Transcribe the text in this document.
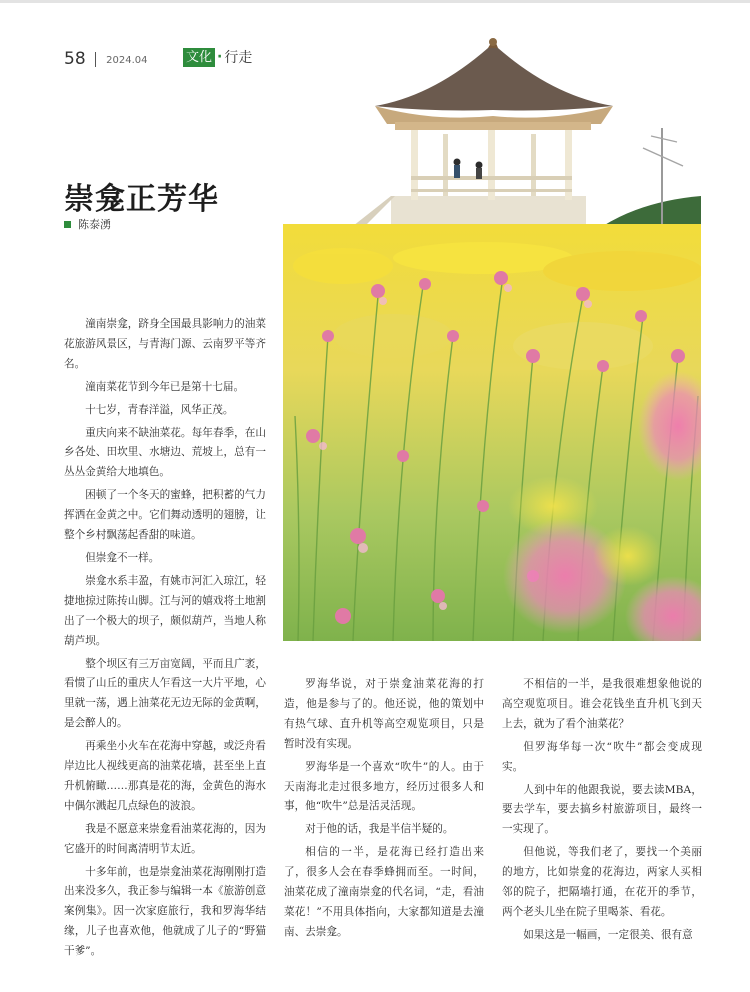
58 2024.04	文化 · 行走
崇龛正芳华
陈泰湧

潼南崇龛，跻身全国最具影响力的油菜花旅游风景区，与青海门源、云南罗平等齐名。

潼南菜花节到今年已是第十七届。

十七岁，青春洋溢，风华正茂。

重庆向来不缺油菜花。每年春季，在山乡各处、田坎里、水塘边、荒坡上，总有一丛丛金黄给大地填色。

困顿了一个冬天的蜜蜂，把积蓄的气力挥洒在金黄之中。它们舞动透明的翅膀，让整个乡村飘荡起香甜的味道。

但崇龛不一样。

崇龛水系丰盈，有姚市河汇入琼江，轻捷地掠过陈抟山脚。江与河的嬉戏将土地割出了一个极大的坝子，颇似葫芦，当地人称葫芦坝。

整个坝区有三万亩宽阔，平而且广袤，看惯了山丘的重庆人乍看这一大片平地，心里就一荡，遇上油菜花无边无际的金黄啊，是会醉人的。

再乘坐小火车在花海中穿越，或泛舟看岸边比人视线更高的油菜花墙，甚至坐上直升机俯瞰……那真是花的海，金黄色的海水中偶尔溅起几点绿色的波浪。

我是不愿意来崇龛看油菜花海的，因为它盛开的时间离清明节太近。

十多年前，也是崇龛油菜花海刚刚打造出来没多久，我正参与编辑一本《旅游创意案例集》。因一次家庭旅行，我和罗海华结缘，儿子也喜欢他，他就成了儿子的“野猫干爹”。

罗海华说，对于崇龛油菜花海的打造，他是参与了的。他还说，他的策划中有热气球、直升机等高空观览项目，只是暂时没有实现。

罗海华是一个喜欢“吹牛”的人。由于天南海北走过很多地方，经历过很多人和事，他“吹牛”总是活灵活现。

对于他的话，我是半信半疑的。

相信的一半，是花海已经打造出来了，很多人会在春季蜂拥而至。一时间，油菜花成了潼南崇龛的代名词，“走，看油菜花！”不用具体指向，大家都知道是去潼南、去崇龛。

不相信的一半，是我很难想象他说的高空观览项目。谁会花钱坐直升机飞到天上去，就为了看个油菜花？

但罗海华每一次“吹牛”都会变成现实。

人到中年的他跟我说，要去读MBA，要去学车，要去搞乡村旅游项目，最终一一实现了。

但他说，等我们老了，要找一个美丽的地方，比如崇龛的花海边，两家人买相邻的院子，把隔墙打通，在花开的季节，两个老头儿坐在院子里喝茶、看花。

如果这是一幅画，一定很美、很有意
